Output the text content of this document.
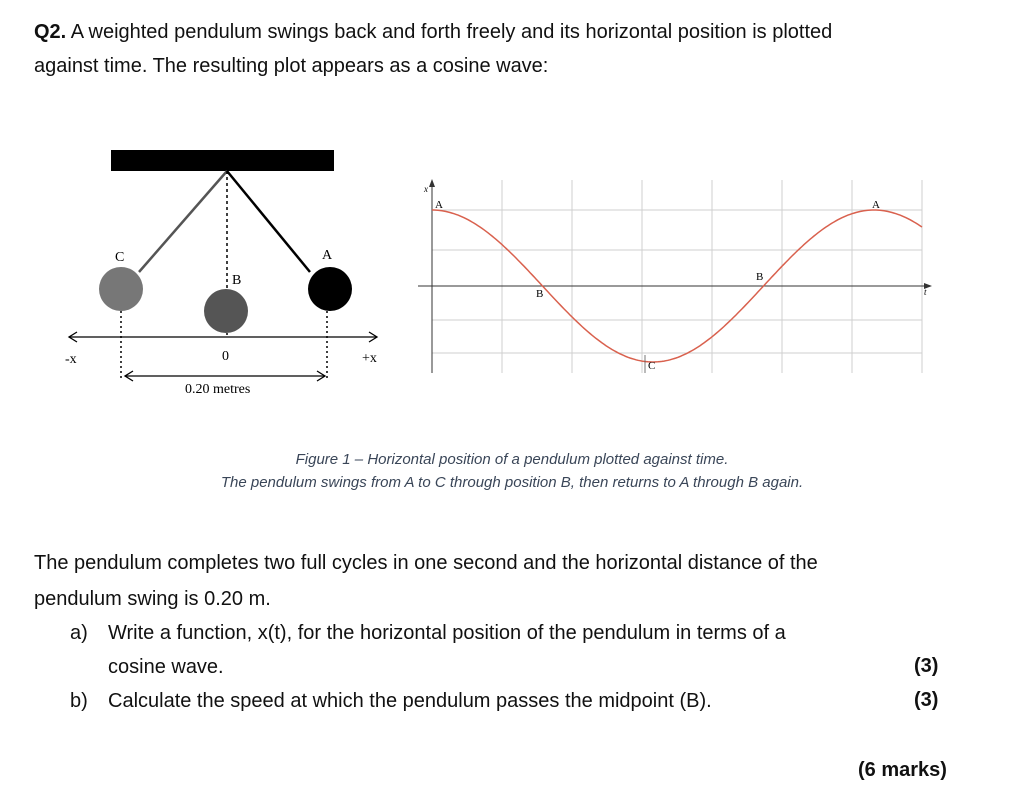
Q2. A weighted pendulum swings back and forth freely and its horizontal position is plotted
against time. The resulting plot appears as a cosine wave:
C
B
A
-x	0	+x
0.20 metres
x
t
A	A
B
B
C
Figure 1 – Horizontal position of a pendulum plotted against time.
The pendulum swings from A to C through position B, then returns to A through B again.
The pendulum completes two full cycles in one second and the horizontal distance of the
pendulum swing is 0.20 m.
a) Write a function, x(t), for the horizontal position of the pendulum in terms of a
cosine wave.	(3)
b) Calculate the speed at which the pendulum passes the midpoint (B).	(3)
(6 marks)
